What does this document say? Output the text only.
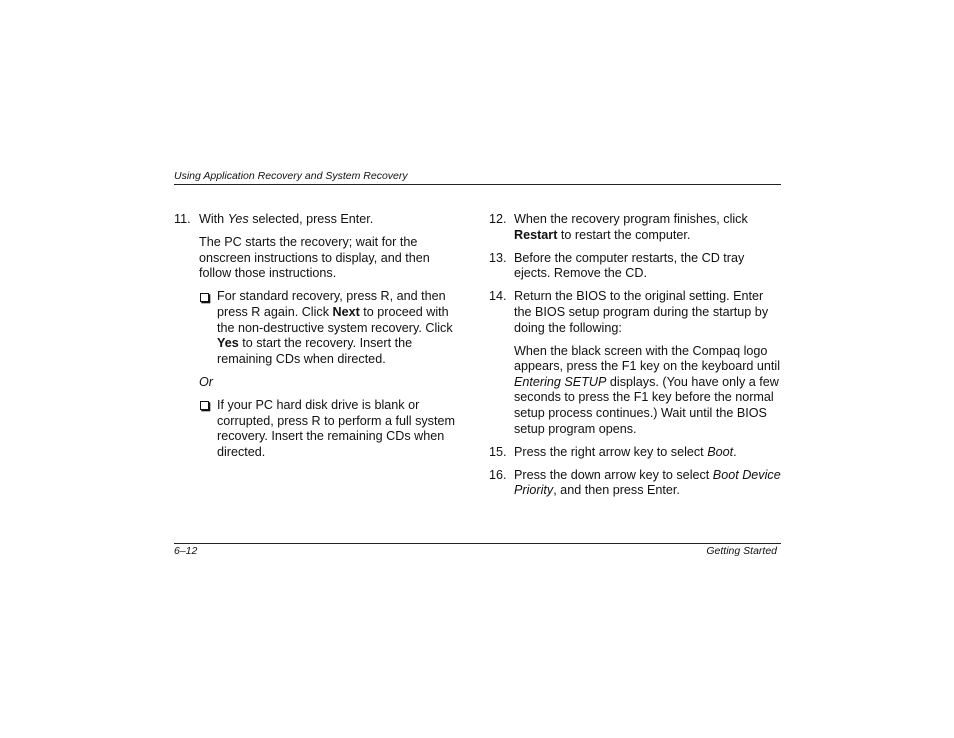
Using Application Recovery and System Recovery
11. With Yes selected, press Enter.
The PC starts the recovery; wait for the onscreen instructions to display, and then follow those instructions.
For standard recovery, press R, and then press R again. Click Next to proceed with the non-destructive system recovery. Click Yes to start the recovery. Insert the remaining CDs when directed.
Or
If your PC hard disk drive is blank or corrupted, press R to perform a full system recovery. Insert the remaining CDs when directed.
12. When the recovery program finishes, click Restart to restart the computer.
13. Before the computer restarts, the CD tray ejects. Remove the CD.
14. Return the BIOS to the original setting. Enter the BIOS setup program during the startup by doing the following:
When the black screen with the Compaq logo appears, press the F1 key on the keyboard until Entering SETUP displays. (You have only a few seconds to press the F1 key before the normal setup process continues.) Wait until the BIOS setup program opens.
15. Press the right arrow key to select Boot.
16. Press the down arrow key to select Boot Device Priority, and then press Enter.
6–12	Getting Started
